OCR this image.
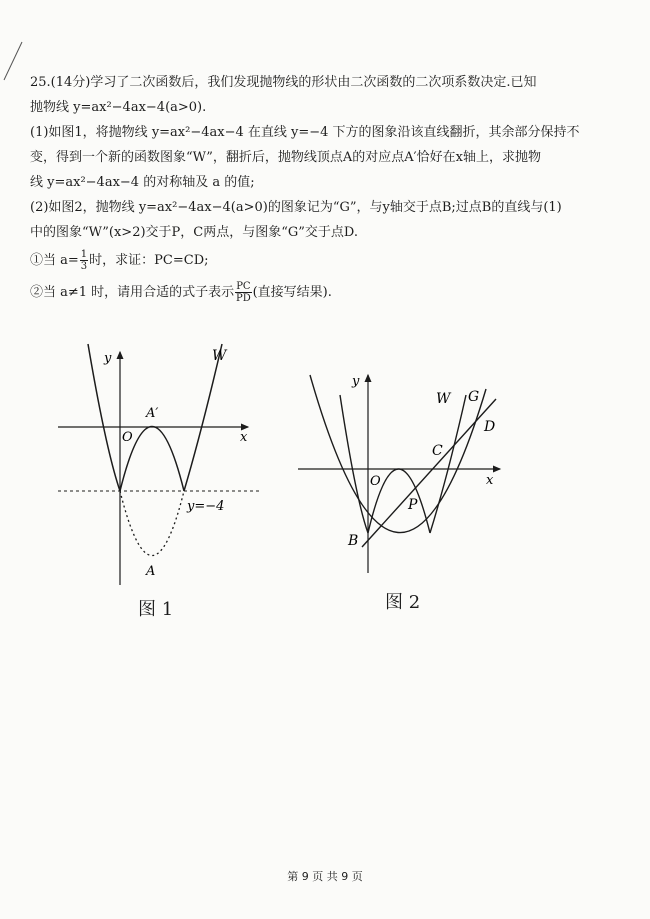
25.(14分)学习了二次函数后，我们发现抛物线的形状由二次函数的二次项系数决定.已知
抛物线 y=ax²−4ax−4(a>0).
(1)如图1，将抛物线 y=ax²−4ax−4 在直线 y=−4 下方的图象沿该直线翻折，其余部分保持不
变，得到一个新的函数图象“W”，翻折后，抛物线顶点A的对应点A′恰好在x轴上，求抛物
线 y=ax²−4ax−4 的对称轴及 a 的值;
(2)如图2，抛物线 y=ax²−4ax−4(a>0)的图象记为“G”，与y轴交于点B;过点B的直线与(1)
中的图象“W”(x>2)交于P，C两点，与图象“G”交于点D.
①当 $a= \frac{1}{3}$ 时，求证：PC=CD;
②当 a≠1 时，请用合适的式子表示 $\frac{PC}{PD}$ (直接写结果).
y
x
O
A′
W
y=−4
A
图 1
y
x
O
W G
D
C
P
B
图 2
第 9 页 共 9 页
